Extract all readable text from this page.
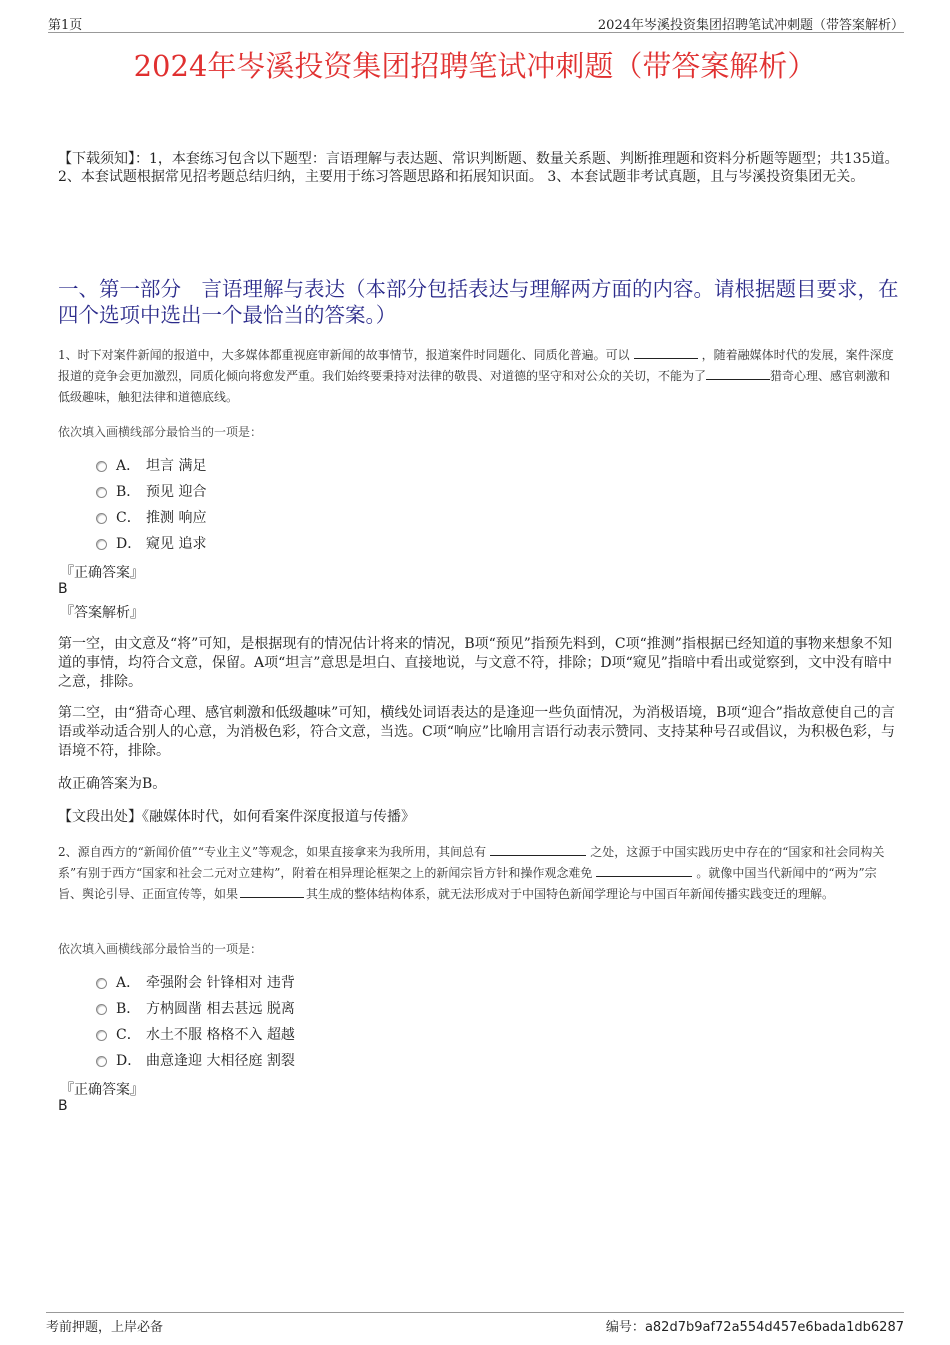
第1页	2024年岑溪投资集团招聘笔试冲刺题（带答案解析）
2024年岑溪投资集团招聘笔试冲刺题（带答案解析）
【下载须知】：1，本套练习包含以下题型：言语理解与表达题、常识判断题、数量关系题、判断推理题和资料分析题等题型；共135道。 2、本套试题根据常见招考题总结归纳，主要用于练习答题思路和拓展知识面。 3、本套试题非考试真题，且与岑溪投资集团无关。
一、第一部分　言语理解与表达（本部分包括表达与理解两方面的内容。请根据题目要求，在四个选项中选出一个最恰当的答案。）
1、时下对案件新闻的报道中，大多媒体都重视庭审新闻的故事情节，报道案件时同题化、同质化普遍。可以	，随着融媒体时代的发展，案件深度报道的竞争会更加激烈，同质化倾向将愈发严重。我们始终要秉持对法律的敬畏、对道德的坚守和对公众的关切，不能为了	猎奇心理、感官刺激和低级趣味，触犯法律和道德底线。
依次填入画横线部分最恰当的一项是：
A． 坦言 满足
B． 预见 迎合
C． 推测 响应
D． 窥见 追求
『正确答案』
B
『答案解析』
第一空，由文意及“将”可知，是根据现有的情况估计将来的情况，B项“预见”指预先料到，C项“推测”指根据已经知道的事物来想象不知道的事情，均符合文意，保留。A项“坦言”意思是坦白、直接地说，与文意不符，排除；D项“窥见”指暗中看出或觉察到，文中没有暗中之意，排除。
第二空，由“猎奇心理、感官刺激和低级趣味”可知，横线处词语表达的是逢迎一些负面情况，为消极语境，B项“迎合”指故意使自己的言语或举动适合别人的心意，为消极色彩，符合文意，当选。C项“响应”比喻用言语行动表示赞同、支持某种号召或倡议，为积极色彩，与语境不符，排除。
故正确答案为B。
【文段出处】《融媒体时代，如何看案件深度报道与传播》
2、源自西方的“新闻价值”“专业主义”等观念，如果直接拿来为我所用，其间总有	之处，这源于中国实践历史中存在的“国家和社会同构关系”有别于西方“国家和社会二元对立建构”，附着在相异理论框架之上的新闻宗旨方针和操作观念难免	。就像中国当代新闻中的“两为”宗旨、舆论引导、正面宣传等，如果	其生成的整体结构体系，就无法形成对于中国特色新闻学理论与中国百年新闻传播实践变迁的理解。
依次填入画横线部分最恰当的一项是：
A． 牵强附会 针锋相对 违背
B． 方枘圆凿 相去甚远 脱离
C． 水土不服 格格不入 超越
D． 曲意逢迎 大相径庭 割裂
『正确答案』
B
考前押题，上岸必备	编号：a82d7b9af72a554d457e6bada1db6287
